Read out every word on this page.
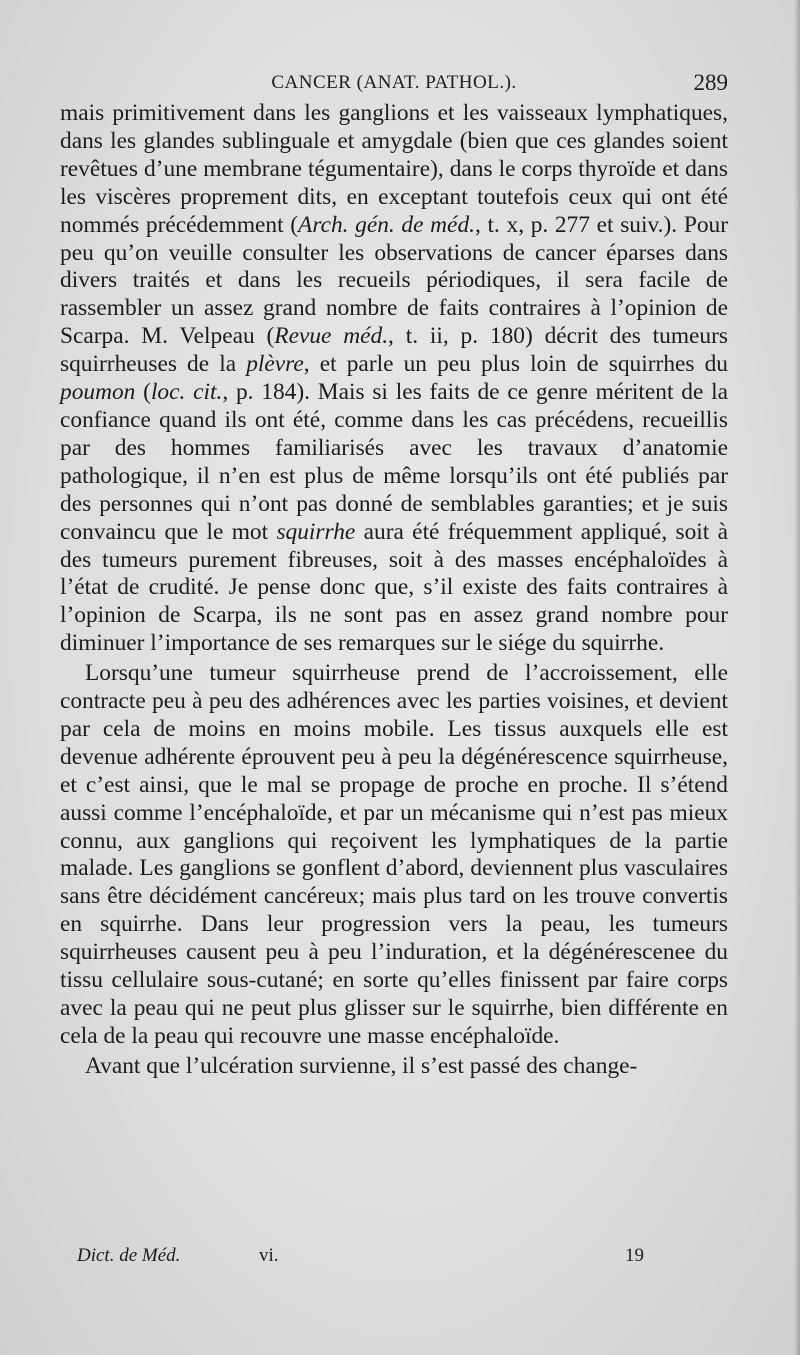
CANCER (ANAT. PATHOL.).	289

mais primitivement dans les ganglions et les vaisseaux lymphatiques, dans les glandes sublinguale et amygdale (bien que ces glandes soient revêtues d’une membrane tégumentaire), dans le corps thyroïde et dans les viscères proprement dits, en exceptant toutefois ceux qui ont été nommés précédemment (Arch. gén. de méd., t. x, p. 277 et suiv.). Pour peu qu’on veuille consulter les observations de cancer éparses dans divers traités et dans les recueils périodiques, il sera facile de rassembler un assez grand nombre de faits contraires à l’opinion de Scarpa. M. Velpeau (Revue méd., t. ii, p. 180) décrit des tumeurs squirrheuses de la plèvre, et parle un peu plus loin de squirrhes du poumon (loc. cit., p. 184). Mais si les faits de ce genre méritent de la confiance quand ils ont été, comme dans les cas précédens, recueillis par des hommes familiarisés avec les travaux d’anatomie pathologique, il n’en est plus de même lorsqu’ils ont été publiés par des personnes qui n’ont pas donné de semblables garanties; et je suis convaincu que le mot squirrhe aura été fréquemment appliqué, soit à des tumeurs purement fibreuses, soit à des masses encéphaloïdes à l’état de crudité. Je pense donc que, s’il existe des faits contraires à l’opinion de Scarpa, ils ne sont pas en assez grand nombre pour diminuer l’importance de ses remarques sur le siége du squirrhe.

Lorsqu’une tumeur squirrheuse prend de l’accroissement, elle contracte peu à peu des adhérences avec les parties voisines, et devient par cela de moins en moins mobile. Les tissus auxquels elle est devenue adhérente éprouvent peu à peu la dégénérescence squirrheuse, et c’est ainsi, que le mal se propage de proche en proche. Il s’étend aussi comme l’encéphaloïde, et par un mécanisme qui n’est pas mieux connu, aux ganglions qui reçoivent les lymphatiques de la partie malade. Les ganglions se gonflent d’abord, deviennent plus vasculaires sans être décidément cancéreux; mais plus tard on les trouve convertis en squirrhe. Dans leur progression vers la peau, les tumeurs squirrheuses causent peu à peu l’induration, et la dégénérescenee du tissu cellulaire sous-cutané; en sorte qu’elles finissent par faire corps avec la peau qui ne peut plus glisser sur le squirrhe, bien différente en cela de la peau qui recouvre une masse encéphaloïde.

Avant que l’ulcération survienne, il s’est passé des change-

Dict. de Méd.	vi.	19
